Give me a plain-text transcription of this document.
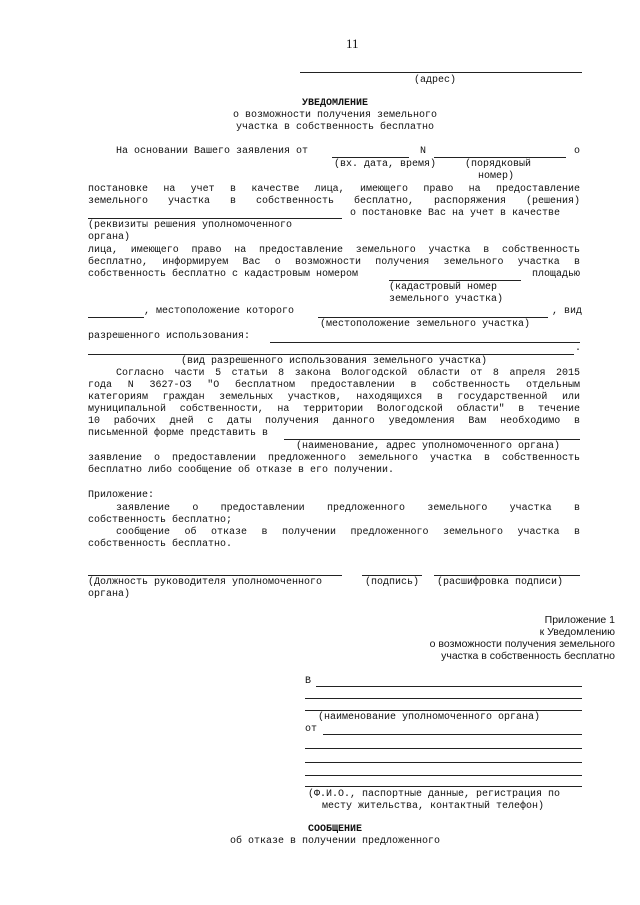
11
(адрес)
УВЕДОМЛЕНИЕ
о возможности получения земельного
участка в собственность бесплатно
На основании Вашего заявления от	N	о
(вх. дата, время)	(порядковый
номер)
постановке на учет в качестве лица, имеющего право на предоставление
земельного участка в собственность бесплатно, распоряжения (решения)
о постановке Вас на учет в качестве
(реквизиты решения уполномоченного
органа)
лица, имеющего право на предоставление земельного участка в собственность
бесплатно, информируем Вас о возможности получения земельного участка в
собственность бесплатно с кадастровым номером	площадью
(кадастровый номер
земельного участка)
, местоположение которого	, вид
(местоположение земельного участка)
разрешенного использования:
.
(вид разрешенного использования земельного участка)
Согласно части 5 статьи 8 закона Вологодской области от 8 апреля 2015
года N 3627-ОЗ "О бесплатном предоставлении в собственность отдельным
категориям граждан земельных участков, находящихся в государственной или
муниципальной собственности, на территории Вологодской области" в течение
10 рабочих дней с даты получения данного уведомления Вам необходимо в
письменной форме представить в
(наименование, адрес уполномоченного органа)
заявление о предоставлении предложенного земельного участка в собственность
бесплатно либо сообщение об отказе в его получении.
Приложение:
заявление о предоставлении предложенного земельного участка в
собственность бесплатно;
сообщение об отказе в получении предложенного земельного участка в
собственность бесплатно.
(Должность руководителя уполномоченного
органа)
(подпись) (расшифровка подписи)
Приложение 1
к Уведомлению
о возможности получения земельного
участка в собственность бесплатно
В
(наименование уполномоченного органа)
от
(Ф.И.О., паспортные данные, регистрация по
месту жительства, контактный телефон)
СООБЩЕНИЕ
об отказе в получении предложенного
